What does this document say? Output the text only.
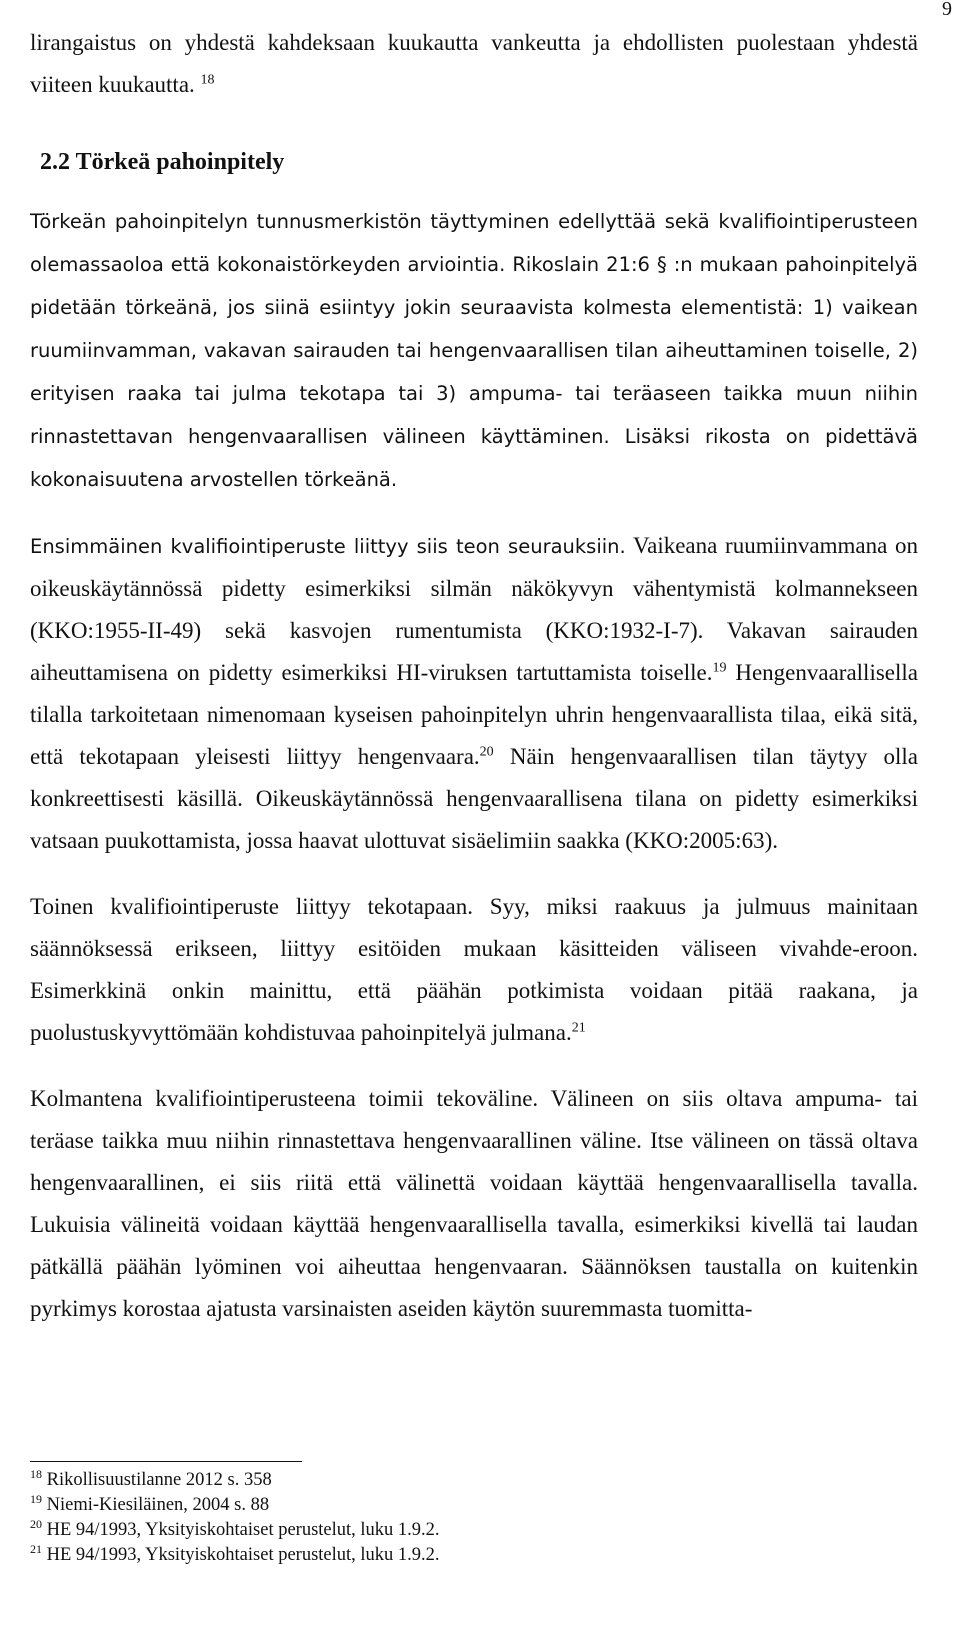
9

lirangaistus on yhdestä kahdeksaan kuukautta vankeutta ja ehdollisten puolestaan yhdestä viiteen kuukautta. $^{18}$

2.2 Törkeä pahoinpitely

Törkeän pahoinpitelyn tunnusmerkistön täyttyminen edellyttää sekä kvalifiointiperusteen olemassaoloa että kokonaistörkeyden arviointia. Rikoslain 21:6 § :n mukaan pahoinpitelyä pidetään törkeänä, jos siinä esiintyy jokin seuraavista kolmesta elementistä: 1) vaikean ruumiinvamman, vakavan sairauden tai hengenvaarallisen tilan aiheuttaminen toiselle, 2) erityisen raaka tai julma tekotapa tai 3) ampuma- tai teräaseen taikka muun niihin rinnastettavan hengenvaarallisen välineen käyttäminen. Lisäksi rikosta on pidettävä kokonaisuutena arvostellen törkeänä.

Ensimmäinen kvalifiointiperuste liittyy siis teon seurauksiin. Vaikeana ruumiinvammana on oikeuskäytännössä pidetty esimerkiksi silmän näkökyvyn vähentymistä kolmannekseen (KKO:1955-II-49) sekä kasvojen rumentumista (KKO:1932-I-7). Vakavan sairauden aiheuttamisena on pidetty esimerkiksi HI-viruksen tartuttamista toiselle.$^{19}$ Hengenvaarallisella tilalla tarkoitetaan nimenomaan kyseisen pahoinpitelyn uhrin hengenvaarallista tilaa, eikä sitä, että tekotapaan yleisesti liittyy hengenvaara.$^{20}$ Näin hengenvaarallisen tilan täytyy olla konkreettisesti käsillä. Oikeuskäytännössä hengenvaarallisena tilana on pidetty esimerkiksi vatsaan puukottamista, jossa haavat ulottuvat sisäelimiin saakka (KKO:2005:63).

Toinen kvalifiointiperuste liittyy tekotapaan. Syy, miksi raakuus ja julmuus mainitaan säännöksessä erikseen, liittyy esitöiden mukaan käsitteiden väliseen vivahde-eroon. Esimerkkinä onkin mainittu, että päähän potkimista voidaan pitää raakana, ja puolustuskyvyttömään kohdistuvaa pahoinpitelyä julmana.$^{21}$

Kolmantena kvalifiointiperusteena toimii tekoväline. Välineen on siis oltava ampuma- tai teräase taikka muu niihin rinnastettava hengenvaarallinen väline. Itse välineen on tässä oltava hengenvaarallinen, ei siis riitä että välinettä voidaan käyttää hengenvaarallisella tavalla. Lukuisia välineitä voidaan käyttää hengenvaarallisella tavalla, esimerkiksi kivellä tai laudan pätkällä päähän lyöminen voi aiheuttaa hengenvaaran. Säännöksen taustalla on kuitenkin pyrkimys korostaa ajatusta varsinaisten aseiden käytön suuremmasta tuomitta-

$^{18}$ Rikollisuustilanne 2012 s. 358
$^{19}$ Niemi-Kiesiläinen, 2004 s. 88
$^{20}$ HE 94/1993, Yksityiskohtaiset perustelut, luku 1.9.2.
$^{21}$ HE 94/1993, Yksityiskohtaiset perustelut, luku 1.9.2.
